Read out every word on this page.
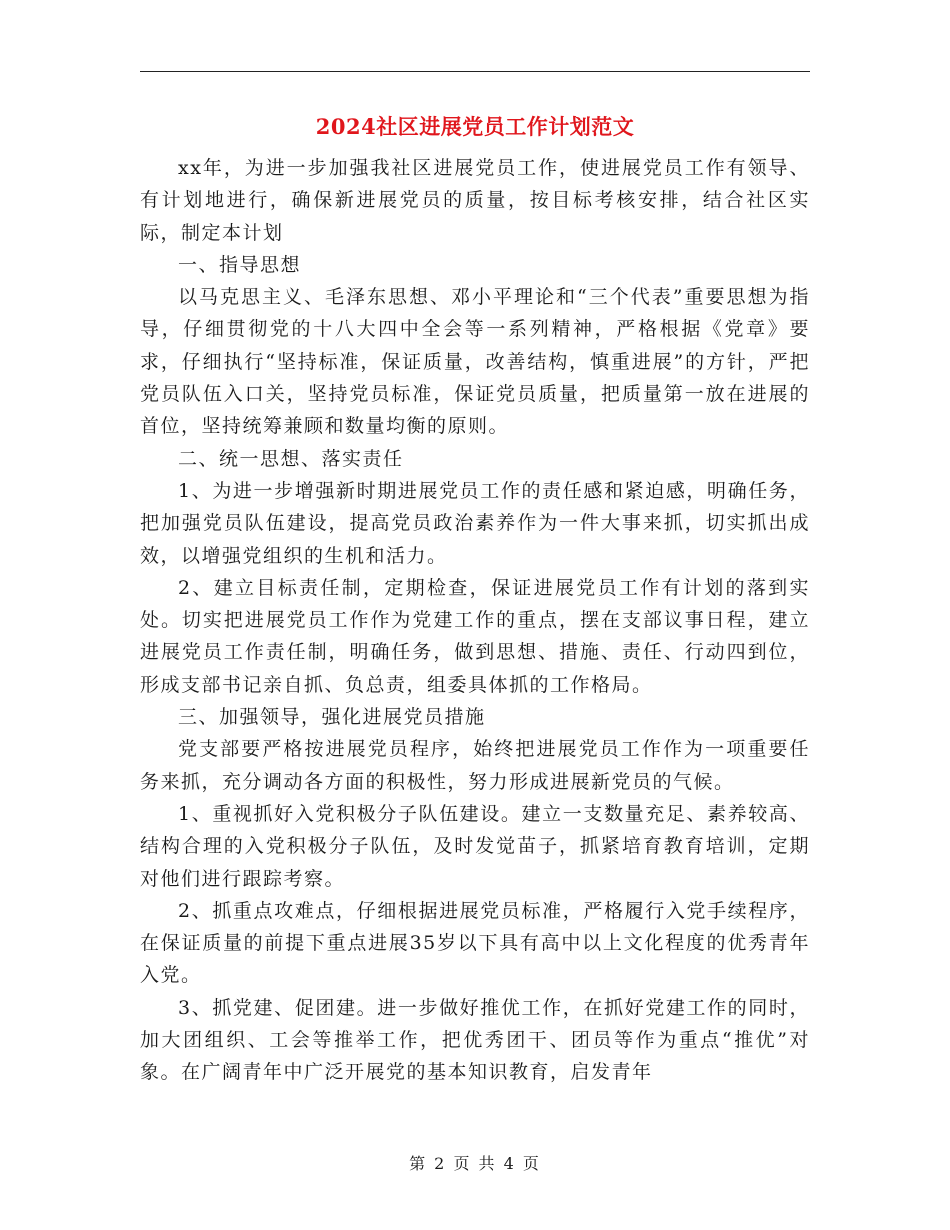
2024社区进展党员工作计划范文

xx年，为进一步加强我社区进展党员工作，使进展党员工作有领导、有计划地进行，确保新进展党员的质量，按目标考核安排，结合社区实际，制定本计划

一、指导思想

以马克思主义、毛泽东思想、邓小平理论和“三个代表”重要思想为指导，仔细贯彻党的十八大四中全会等一系列精神，严格根据《党章》要求，仔细执行“坚持标准，保证质量，改善结构，慎重进展”的方针，严把党员队伍入口关，坚持党员标准，保证党员质量，把质量第一放在进展的首位，坚持统筹兼顾和数量均衡的原则。

二、统一思想、落实责任

1、为进一步增强新时期进展党员工作的责任感和紧迫感，明确任务，把加强党员队伍建设，提高党员政治素养作为一件大事来抓，切实抓出成效，以增强党组织的生机和活力。

2、建立目标责任制，定期检查，保证进展党员工作有计划的落到实处。切实把进展党员工作作为党建工作的重点，摆在支部议事日程，建立进展党员工作责任制，明确任务，做到思想、措施、责任、行动四到位，形成支部书记亲自抓、负总责，组委具体抓的工作格局。

三、加强领导，强化进展党员措施

党支部要严格按进展党员程序，始终把进展党员工作作为一项重要任务来抓，充分调动各方面的积极性，努力形成进展新党员的气候。

1、重视抓好入党积极分子队伍建设。建立一支数量充足、素养较高、结构合理的入党积极分子队伍，及时发觉苗子，抓紧培育教育培训，定期对他们进行跟踪考察。

2、抓重点攻难点，仔细根据进展党员标准，严格履行入党手续程序，在保证质量的前提下重点进展35岁以下具有高中以上文化程度的优秀青年入党。

3、抓党建、促团建。进一步做好推优工作，在抓好党建工作的同时，加大团组织、工会等推举工作，把优秀团干、团员等作为重点“推优”对象。在广阔青年中广泛开展党的基本知识教育，启发青年

第 2 页 共 4 页
